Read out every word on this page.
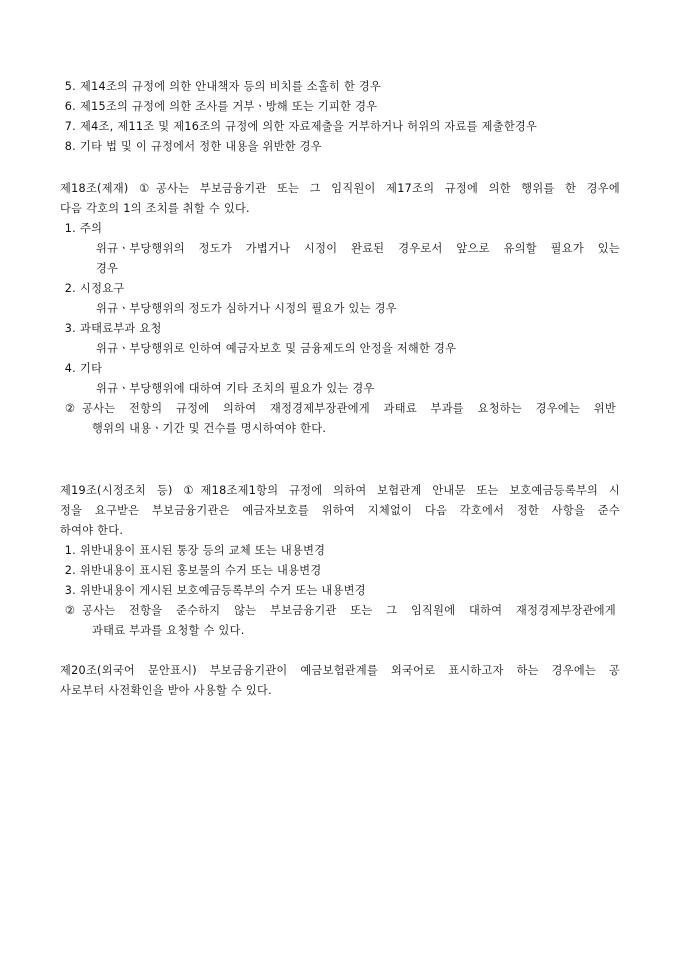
5. 제14조의 규정에 의한 안내책자 등의 비치를 소홀히 한 경우
6. 제15조의 규정에 의한 조사를 거부ㆍ방해 또는 기피한 경우
7. 제4조, 제11조 및 제16조의 규정에 의한 자료제출을 거부하거나 허위의 자료를 제출한경우
8. 기타 법 및 이 규정에서 정한 내용을 위반한 경우
제18조(제재) ①공사는 부보금융기관 또는 그 임직원이 제17조의 규정에 의한 행위를 한 경우에
다음 각호의 1의 조치를 취할 수 있다.
1. 주의
위규ㆍ부당행위의 정도가 가볍거나 시정이 완료된 경우로서 앞으로 유의할 필요가 있는
경우
2. 시정요구
위규ㆍ부당행위의 정도가 심하거나 시정의 필요가 있는 경우
3. 과태료부과 요청
위규ㆍ부당행위로 인하여 예금자보호 및 금융제도의 안정을 저해한 경우
4. 기타
위규ㆍ부당행위에 대하여 기타 조치의 필요가 있는 경우
② 공사는 전항의 규정에 의하여 재정경제부장관에게 과태료 부과를 요청하는 경우에는 위반
행위의 내용ㆍ기간 및 건수를 명시하여야 한다.
제19조(시정조치 등) ①제18조제1항의 규정에 의하여 보험관계 안내문 또는 보호예금등록부의 시
정을 요구받은 부보금융기관은 예금자보호를 위하여 지체없이 다음 각호에서 정한 사항을 준수
하여야 한다.
1. 위반내용이 표시된 통장 등의 교체 또는 내용변경
2. 위반내용이 표시된 홍보물의 수거 또는 내용변경
3. 위반내용이 게시된 보호예금등록부의 수거 또는 내용변경
② 공사는 전항을 준수하지 않는 부보금융기관 또는 그 임직원에 대하여 재정경제부장관에게
과태료 부과를 요청할 수 있다.
제20조(외국어 문안표시) 부보금융기관이 예금보험관계를 외국어로 표시하고자 하는 경우에는 공
사로부터 사전확인을 받아 사용할 수 있다.
